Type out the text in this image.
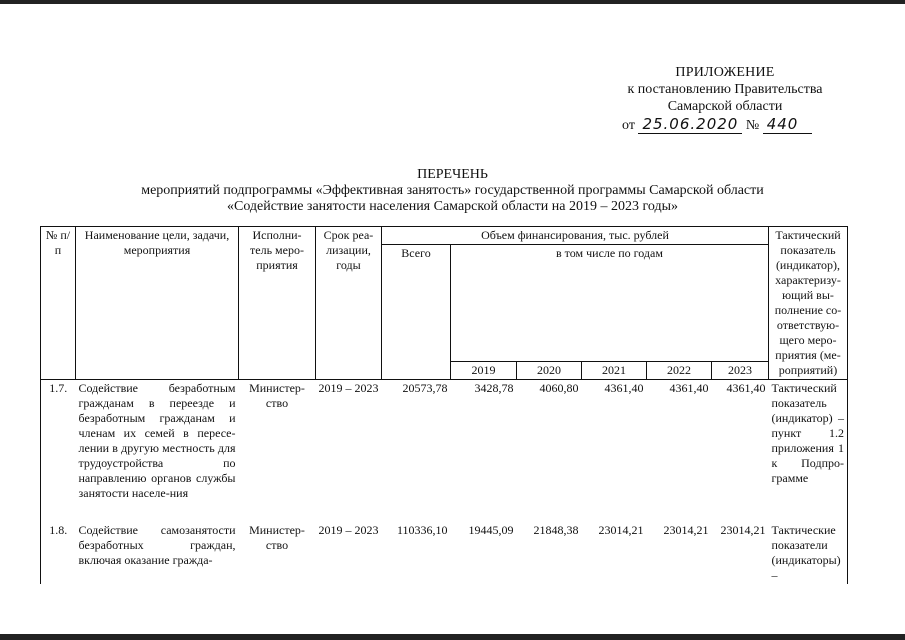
ПРИЛОЖЕНИЕ
к постановлению Правительства
Самарской области
от 25.06.2020 № 440
ПЕРЕЧЕНЬ
мероприятий подпрограммы «Эффективная занятость» государственной программы Самарской области
«Содействие занятости населения Самарской области на 2019 – 2023 годы»
№ п/п	Наименование цели, задачи, мероприятия	Исполни-тель меро-приятия	Срок реа-лизации, годы	Объем финансирования, тыс. рублей						Тактический показатель (индикатор), характеризу-ющий вы-полнение со-ответствую-щего меро-приятия (ме-роприятий)
				Всего	в том числе по годам					
					2019	2020	2021	2022	2023	
1.7.	Содействие безработным гражданам в переезде и безработным гражданам и членам их семей в пересе-лении в другую местность для трудоустройства по направлению органов службы занятости населе-ния	Министер-ство	2019 – 2023	20573,78	3428,78	4060,80	4361,40	4361,40	4361,40	Тактический показатель (индикатор) – пункт 1.2 приложения 1 к Подпро-грамме
1.8.	Содействие самозанятости безработных граждан, включая оказание гражда-	Министер-ство	2019 – 2023	110336,10	19445,09	21848,38	23014,21	23014,21	23014,21	Тактические показатели (индикаторы) –
